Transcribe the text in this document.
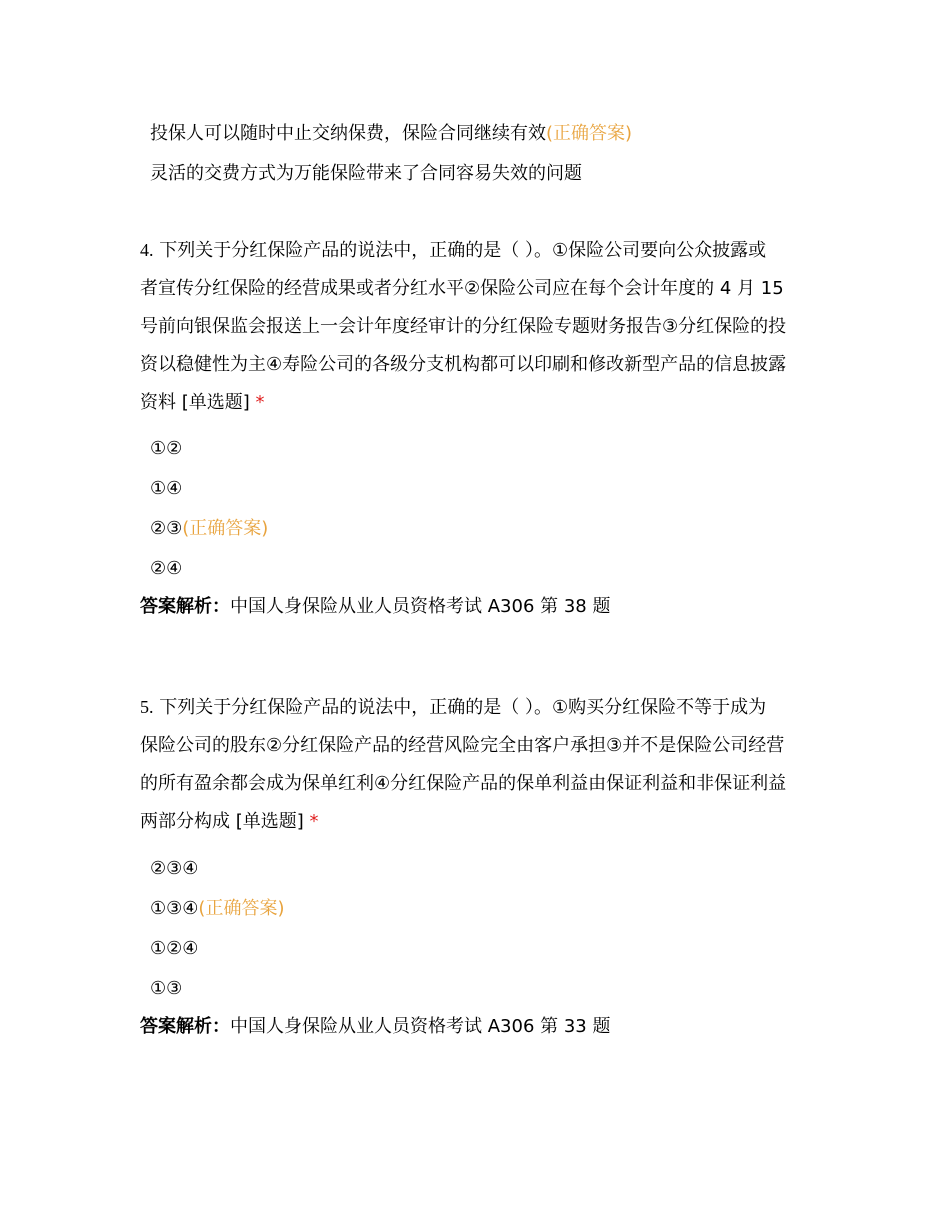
投保人可以随时中止交纳保费，保险合同继续有效(正确答案)
灵活的交费方式为万能保险带来了合同容易失效的问题
4. 下列关于分红保险产品的说法中，正确的是（ ）。①保险公司要向公众披露或
者宣传分红保险的经营成果或者分红水平②保险公司应在每个会计年度的 4 月 15
号前向银保监会报送上一会计年度经审计的分红保险专题财务报告③分红保险的投
资以稳健性为主④寿险公司的各级分支机构都可以印刷和修改新型产品的信息披露
资料 [单选题] *
①②
①④
②③(正确答案)
②④
答案解析：中国人身保险从业人员资格考试 A306 第 38 题
5. 下列关于分红保险产品的说法中，正确的是（ ）。①购买分红保险不等于成为
保险公司的股东②分红保险产品的经营风险完全由客户承担③并不是保险公司经营
的所有盈余都会成为保单红利④分红保险产品的保单利益由保证利益和非保证利益
两部分构成 [单选题] *
②③④
①③④(正确答案)
①②④
①③
答案解析：中国人身保险从业人员资格考试 A306 第 33 题
